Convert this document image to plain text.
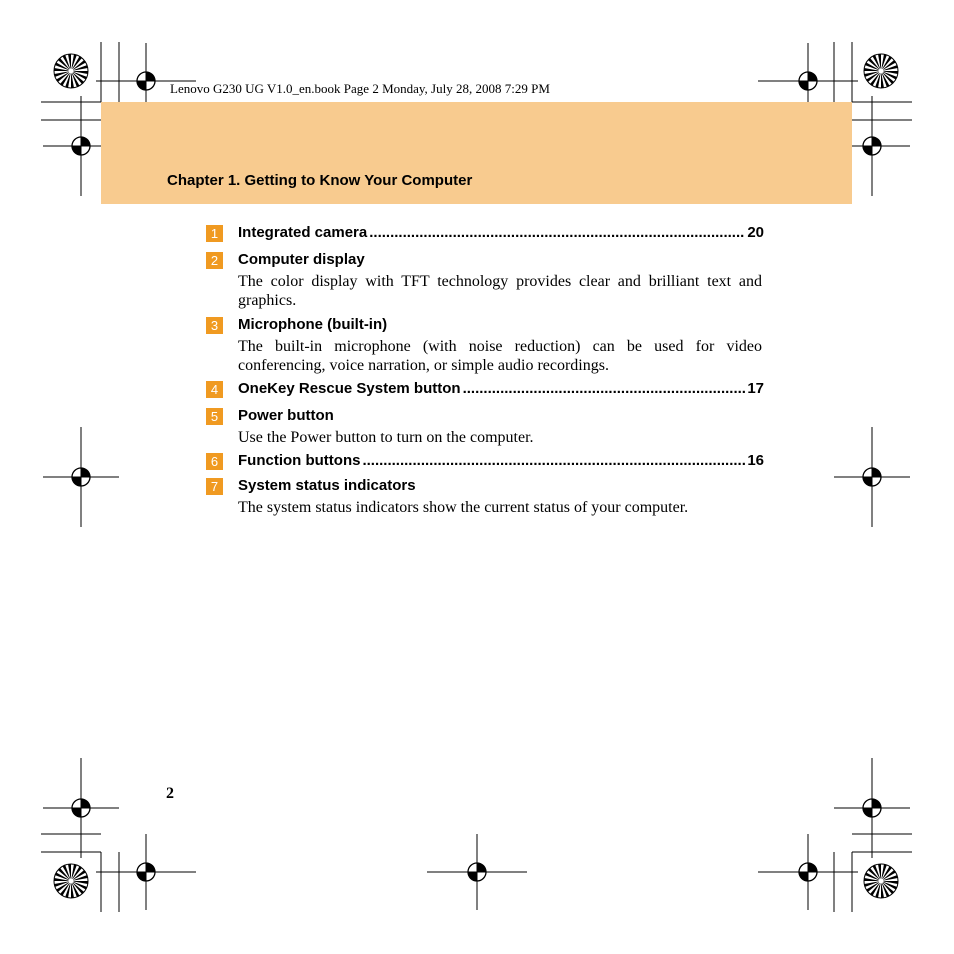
Lenovo G230 UG V1.0_en.book Page 2 Monday, July 28, 2008 7:29 PM
Chapter 1. Getting to Know Your Computer
1	Integrated camera .....	20
2	Computer display
The color display with TFT technology provides clear and brilliant text and graphics.
3	Microphone (built-in)
The built-in microphone (with noise reduction) can be used for video conferencing, voice narration, or simple audio recordings.
4	OneKey Rescue System button .....	17
5	Power button
Use the Power button to turn on the computer.
6	Function buttons .....	16
7	System status indicators
The system status indicators show the current status of your computer.
2
